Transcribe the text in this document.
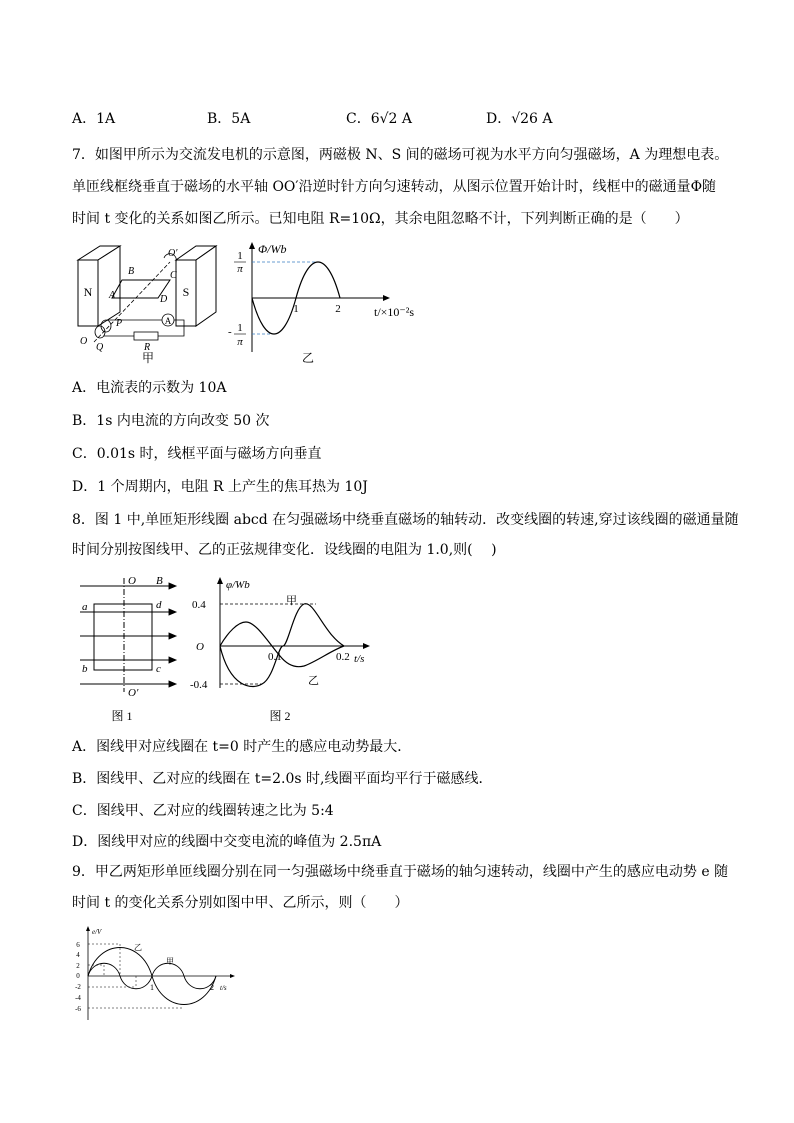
A．1A	B．5A	C．6√2 A	D．√26 A
7．如图甲所示为交流发电机的示意图，两磁极 N、S 间的磁场可视为水平方向匀强磁场，A 为理想电表。
单匝线框绕垂直于磁场的水平轴 OO′沿逆时针方向匀速转动，从图示位置开始计时，线框中的磁通量Φ随
时间 t 变化的关系如图乙所示。已知电阻 R=10Ω，其余电阻忽略不计，下列判断正确的是（　　）
N	S
B	C
A	D
O′
P
Q
O
A
R
甲
Φ/Wb
1
π
- 1
π
1	2	t/×10⁻²s
乙
A．电流表的示数为 10A
B．1s 内电流的方向改变 50 次
C．0.01s 时，线框平面与磁场方向垂直
D．1 个周期内，电阻 R 上产生的焦耳热为 10J
8．图 1 中,单匝矩形线圈 abcd 在匀强磁场中绕垂直磁场的轴转动．改变线圈的转速,穿过该线圈的磁通量随
时间分别按图线甲、乙的正弦规律变化．设线圈的电阻为 1.0,则(　 )
O B
a	d
b	c
O′
图 1
φ/Wb
0.4
-0.4
O
甲
乙
0.1	0.2 t/s
图 2
A．图线甲对应线圈在 t=0 时产生的感应电动势最大．
B．图线甲、乙对应的线圈在 t=2.0s 时,线圈平面均平行于磁感线．
C．图线甲、乙对应的线圈转速之比为 5:4
D．图线甲对应的线圈中交变电流的峰值为 2.5πA
9．甲乙两矩形单匝线圈分别在同一匀强磁场中绕垂直于磁场的轴匀速转动，线圈中产生的感应电动势 e 随
时间 t 的变化关系分别如图中甲、乙所示，则（　　）
e/V
6
4
2
0
-2
-4
-6
乙
甲
1	2 t/s
